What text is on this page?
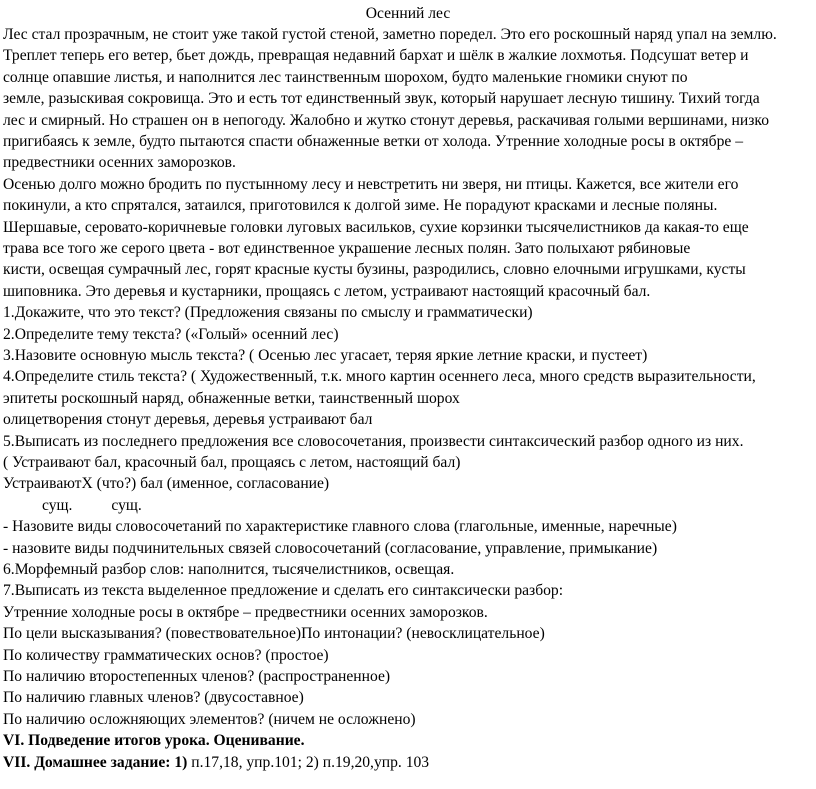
Осенний лес
Лес стал прозрачным, не стоит уже такой густой стеной, заметно поредел. Это его роскошный наряд упал на землю.
Треплет теперь его ветер, бьет дождь, превращая недавний бархат и шёлк в жалкие лохмотья. Подсушат ветер и
солнце опавшие листья, и наполнится лес таинственным шорохом, будто маленькие гномики снуют по
земле, разыскивая сокровища. Это и есть тот единственный звук, который нарушает лесную тишину. Тихий тогда
лес и смирный. Но страшен он в непогоду. Жалобно и жутко стонут деревья, раскачивая голыми вершинами, низко
пригибаясь к земле, будто пытаются спасти обнаженные ветки от холода. Утренние холодные росы в октябре –
предвестники осенних заморозков.
Осенью долго можно бродить по пустынному лесу и невстретить ни зверя, ни птицы. Кажется, все жители его
покинули, а кто спрятался, затаился, приготовился к долгой зиме. Не порадуют красками и лесные поляны.
Шершавые, серовато-коричневые головки луговых васильков, сухие корзинки тысячелистников да какая-то еще
трава все того же серого цвета - вот единственное украшение лесных полян. Зато полыхают рябиновые
кисти, освещая сумрачный лес, горят красные кусты бузины, разродились, словно елочными игрушками, кусты
шиповника. Это деревья и кустарники, прощаясь с летом, устраивают настоящий красочный бал.
1.Докажите, что это текст? (Предложения связаны по смыслу и грамматически)
2.Определите тему текста? («Голый» осенний лес)
3.Назовите основную мысль текста? ( Осенью лес угасает, теряя яркие летние краски, и пустеет)
4.Определите стиль текста? ( Художественный, т.к. много картин осеннего леса, много средств выразительности,
эпитеты роскошный наряд, обнаженные ветки, таинственный шорох
олицетворения стонут деревья, деревья устраивают бал
5.Выписать из последнего предложения все словосочетания, произвести синтаксический разбор одного из них.
( Устраивают бал, красочный бал, прощаясь с летом, настоящий бал)
УстраиваютХ (что?) бал (именное, согласование)
сущ.          сущ.
- Назовите виды словосочетаний по характеристике главного слова (глагольные, именные, наречные)
- назовите виды подчинительных связей словосочетаний (согласование, управление, примыкание)
6.Морфемный разбор слов: наполнится, тысячелистников, освещая.
7.Выписать из текста выделенное предложение и сделать его синтаксически разбор:
Утренние холодные росы в октябре – предвестники осенних заморозков.
По цели высказывания? (повествовательное)По интонации? (невосклицательное)
По количеству грамматических основ? (простое)
По наличию второстепенных членов? (распространенное)
По наличию главных членов? (двусоставное)
По наличию осложняющих элементов? (ничем не осложнено)
VI. Подведение итогов урока. Оценивание.
VII. Домашнее задание: 1) п.17,18, упр.101; 2) п.19,20,упр. 103
